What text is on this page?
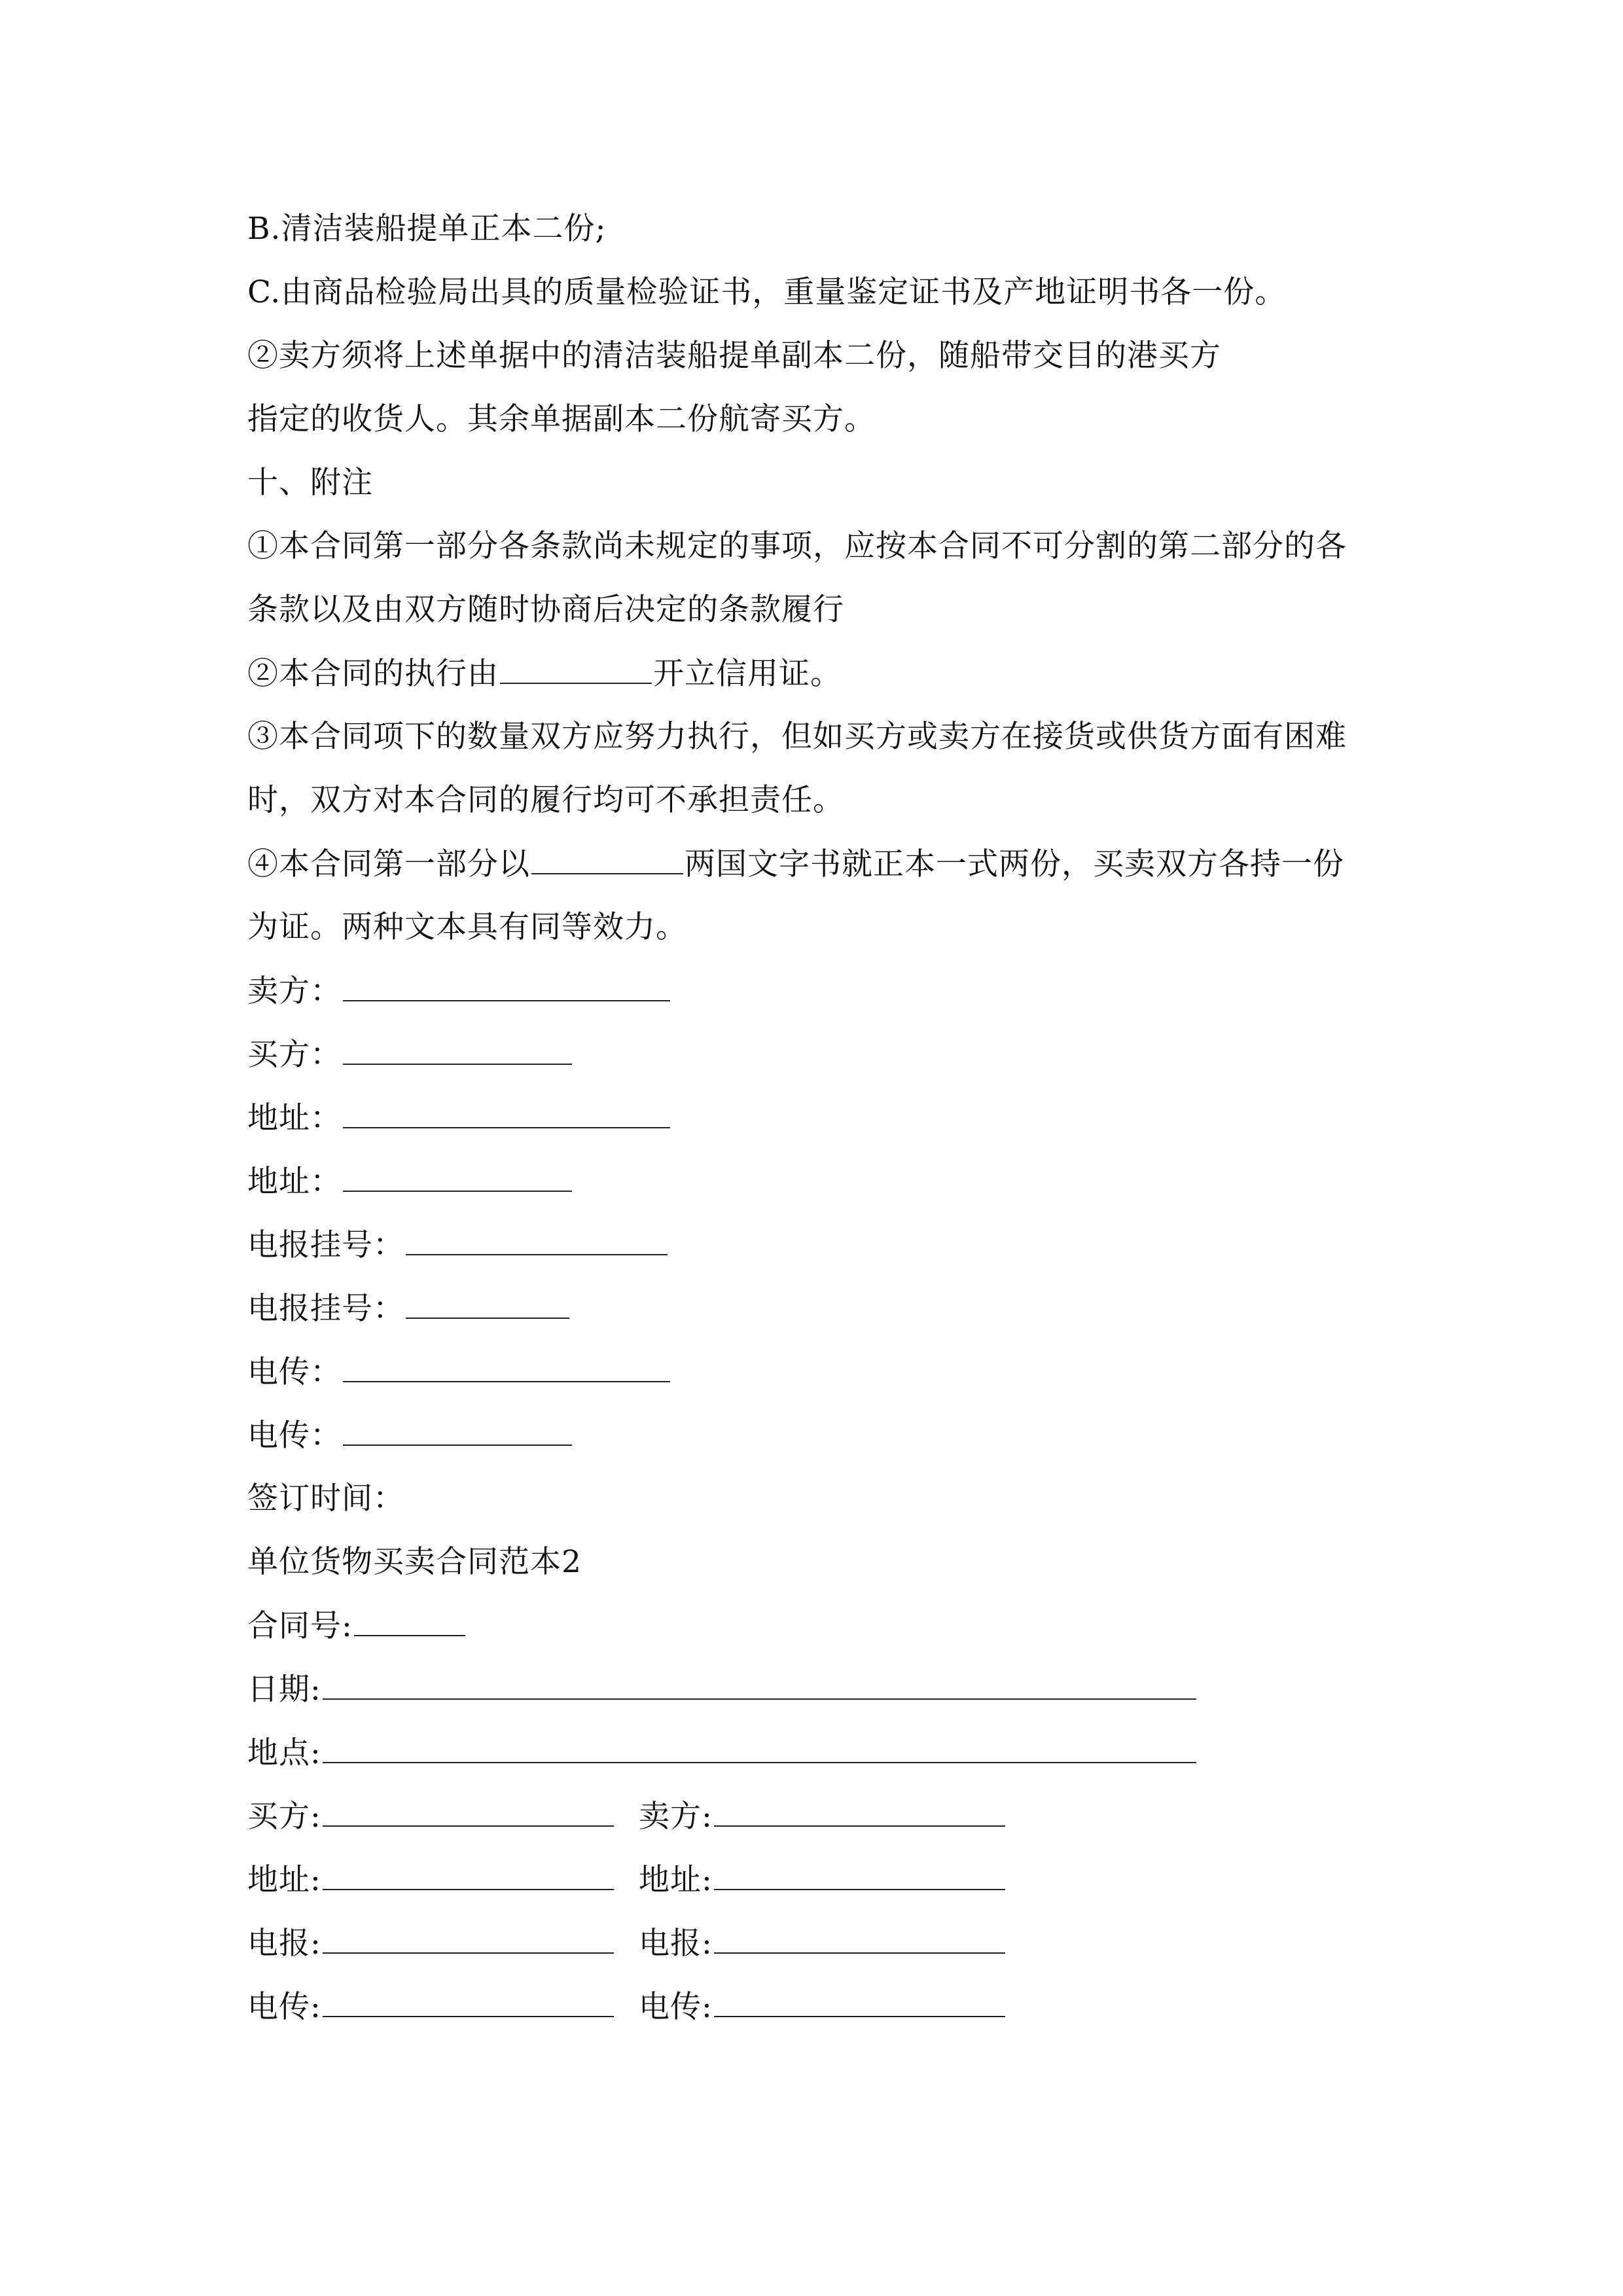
B.清洁装船提单正本二份;
C.由商品检验局出具的质量检验证书，重量鉴定证书及产地证明书各一份。
②卖方须将上述单据中的清洁装船提单副本二份，随船带交目的港买方
指定的收货人。其余单据副本二份航寄买方。
十、附注
①本合同第一部分各条款尚未规定的事项，应按本合同不可分割的第二部分的各
条款以及由双方随时协商后决定的条款履行
②本合同的执行由	开立信用证。
③本合同项下的数量双方应努力执行，但如买方或卖方在接货或供货方面有困难
时，双方对本合同的履行均可不承担责任。
④本合同第一部分以	两国文字书就正本一式两份，买卖双方各持一份
为证。两种文本具有同等效力。
卖方：
买方：
地址：
地址：
电报挂号：
电报挂号：
电传：
电传：
签订时间：
单位货物买卖合同范本2
合同号:
日期:
地点:
买方:	卖方:
地址:	地址:
电报:	电报:
电传:	电传:
